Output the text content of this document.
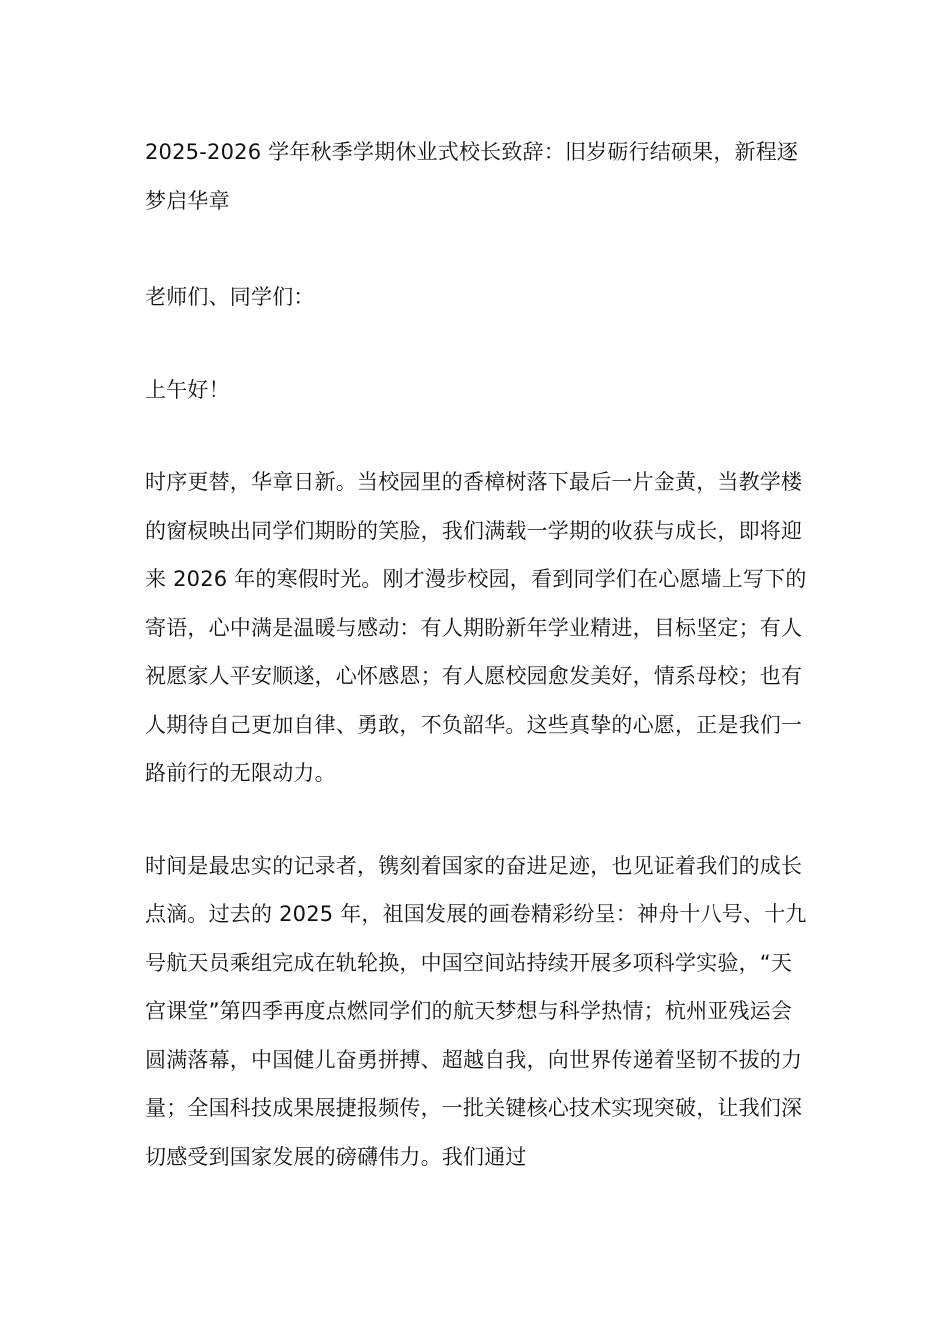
2025-2026 学年秋季学期休业式校长致辞：旧岁砺行结硕果，新程逐梦启华章

老师们、同学们：

上午好！

时序更替，华章日新。当校园里的香樟树落下最后一片金黄，当教学楼的窗棂映出同学们期盼的笑脸，我们满载一学期的收获与成长，即将迎来 2026 年的寒假时光。刚才漫步校园，看到同学们在心愿墙上写下的寄语，心中满是温暖与感动：有人期盼新年学业精进，目标坚定；有人祝愿家人平安顺遂，心怀感恩；有人愿校园愈发美好，情系母校；也有人期待自己更加自律、勇敢，不负韶华。这些真挚的心愿，正是我们一路前行的无限动力。

时间是最忠实的记录者，镌刻着国家的奋进足迹，也见证着我们的成长点滴。过去的 2025 年，祖国发展的画卷精彩纷呈：神舟十八号、十九号航天员乘组完成在轨轮换，中国空间站持续开展多项科学实验，“天宫课堂”第四季再度点燃同学们的航天梦想与科学热情；杭州亚残运会圆满落幕，中国健儿奋勇拼搏、超越自我，向世界传递着坚韧不拔的力量；全国科技成果展捷报频传，一批关键核心技术实现突破，让我们深切感受到国家发展的磅礴伟力。我们通过
